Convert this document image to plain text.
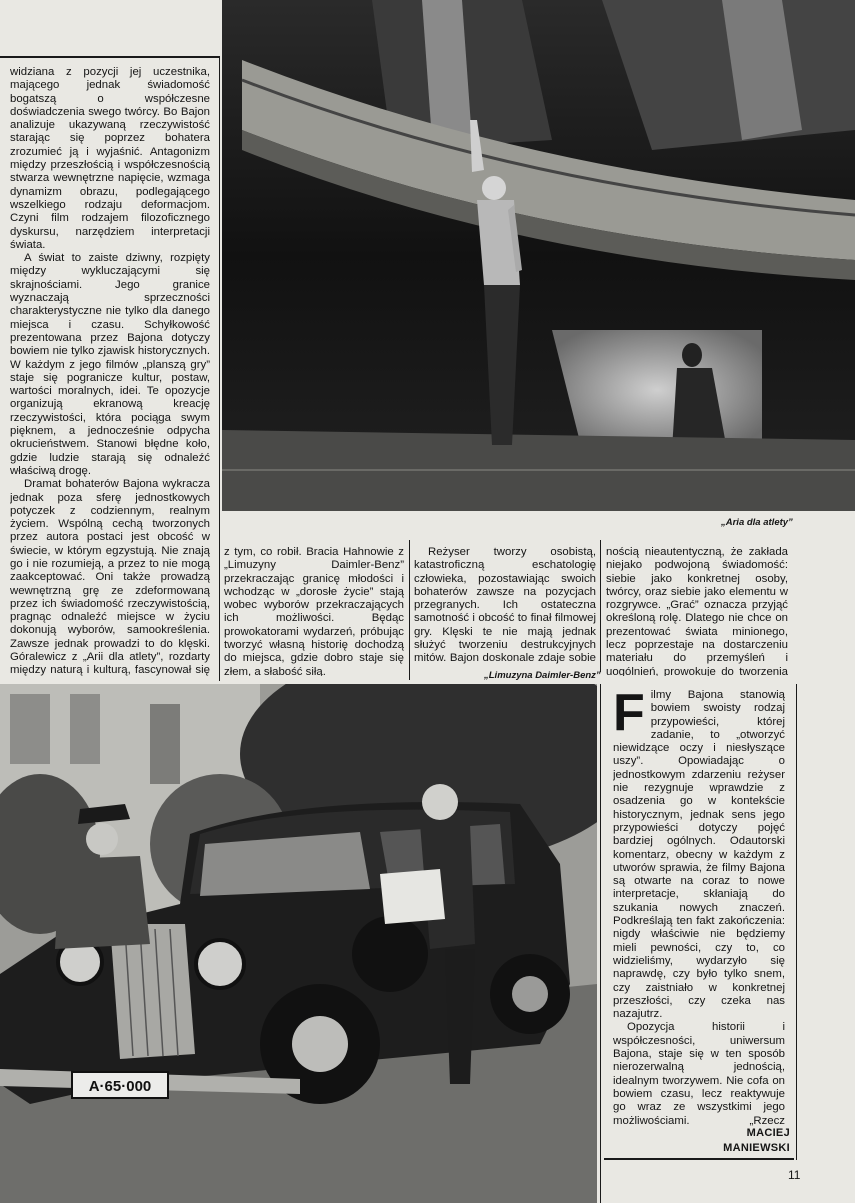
widziana z pozycji jej uczestnika, mającego jednak świadomość bogatszą o współczesne doświadczenia swego twórcy. Bo Bajon analizuje ukazywaną rzeczywistość starając się poprzez bohatera zrozumieć ją i wyjaśnić. Antagonizm między przeszłością i współczesnością stwarza wewnętrzne napięcie, wzmaga dynamizm obrazu, podlegającego wszelkiego rodzaju deformacjom. Czyni film rodzajem filozoficznego dyskursu, narzędziem interpretacji świata.

A świat to zaiste dziwny, rozpięty między wykluczającymi się skrajnościami. Jego granice wyznaczają sprzeczności charakterystyczne nie tylko dla danego miejsca i czasu. Schyłkowość prezentowana przez Bajona dotyczy bowiem nie tylko zjawisk historycznych. W każdym z jego filmów „planszą gry” staje się pogranicze kultur, postaw, wartości moralnych, idei. Te opozycje organizują ekranową kreację rzeczywistości, która pociąga swym pięknem, a jednocześnie odpycha okrucieństwem. Stanowi błędne koło, gdzie ludzie starają się odnaleźć właściwą drogę.

Dramat bohaterów Bajona wykracza jednak poza sferę jednostkowych potyczek z codziennym, realnym życiem. Wspólną cechą tworzonych przez autora postaci jest obcość w świecie, w którym egzystują. Nie znają go i nie rozumieją, a przez to nie mogą zaakceptować. Oni także prowadzą wewnętrzną grę ze zdeformowaną przez ich świadomość rzeczywistością, pragnąc odnaleźć miejsce w życiu dokonują wyborów, samookreślenia. Zawsze jednak prowadzi to do klęski. Góralewicz z „Arii dla atlety”, rozdarty między naturą i kulturą, fascynował się

„Aria dla atlety”

z tym, co robił. Bracia Hahnowie z „Limuzyny Daimler-Benz” przekraczając granicę młodości i wchodząc w „dorosłe życie” stają wobec wyborów przekraczających ich możliwości. Będąc prowokatorami wydarzeń, próbując tworzyć własną historię dochodzą do miejsca, gdzie dobro staje się złem, a słabość siłą.

Reżyser tworzy osobistą, katastroficzną eschatologię człowieka, pozostawiając swoich bohaterów zawsze na pozycjach przegranych. Ich ostateczna samotność i obcość to finał filmowej gry. Klęski te nie mają jednak służyć tworzeniu destrukcyjnych mitów. Bajon doskonale zdaje sobie

nością nieautentyczną, że zakłada niejako podwojoną świadomość: siebie jako konkretnej osoby, twórcy, oraz siebie jako elementu w rozgrywce. „Grać” oznacza przyjąć określoną rolę. Dlatego nie chce on prezentować świata minionego, lecz poprzestaje na dostarczeniu materiału do przemyśleń i uogólnień, prowokuje do tworzenia

„Limuzyna Daimler-Benz”
A·65·000

Filmy Bajona stanowią bowiem swoisty rodzaj przypowieści, której zadanie, to „otworzyć niewidzące oczy i niesłyszące uszy”. Opowiadając o jednostkowym zdarzeniu reżyser nie rezygnuje wprawdzie z osadzenia go w kontekście historycznym, jednak sens jego przypowieści dotyczy pojęć bardziej ogólnych. Odautorski komentarz, obecny w każdym z utworów sprawia, że filmy Bajona są otwarte na coraz to nowe interpretacje, skłaniają do szukania nowych znaczeń. Podkreślają ten fakt zakończenia: nigdy właściwie nie będziemy mieli pewności, czy to, co widzieliśmy, wydarzyło się naprawdę, czy było tylko snem, czy zaistniało w konkretnej przeszłości, czy czeka nas nazajutrz.

Opozycja historii i współczesności, uniwersum Bajona, staje się w ten sposób nierozerwalną jednością, idealnym tworzywem. Nie cofa on bowiem czasu, lecz reaktywuje go wraz ze wszystkimi jego możliwościami. „Rzecz

MACIEJ
MANIEWSKI
11
